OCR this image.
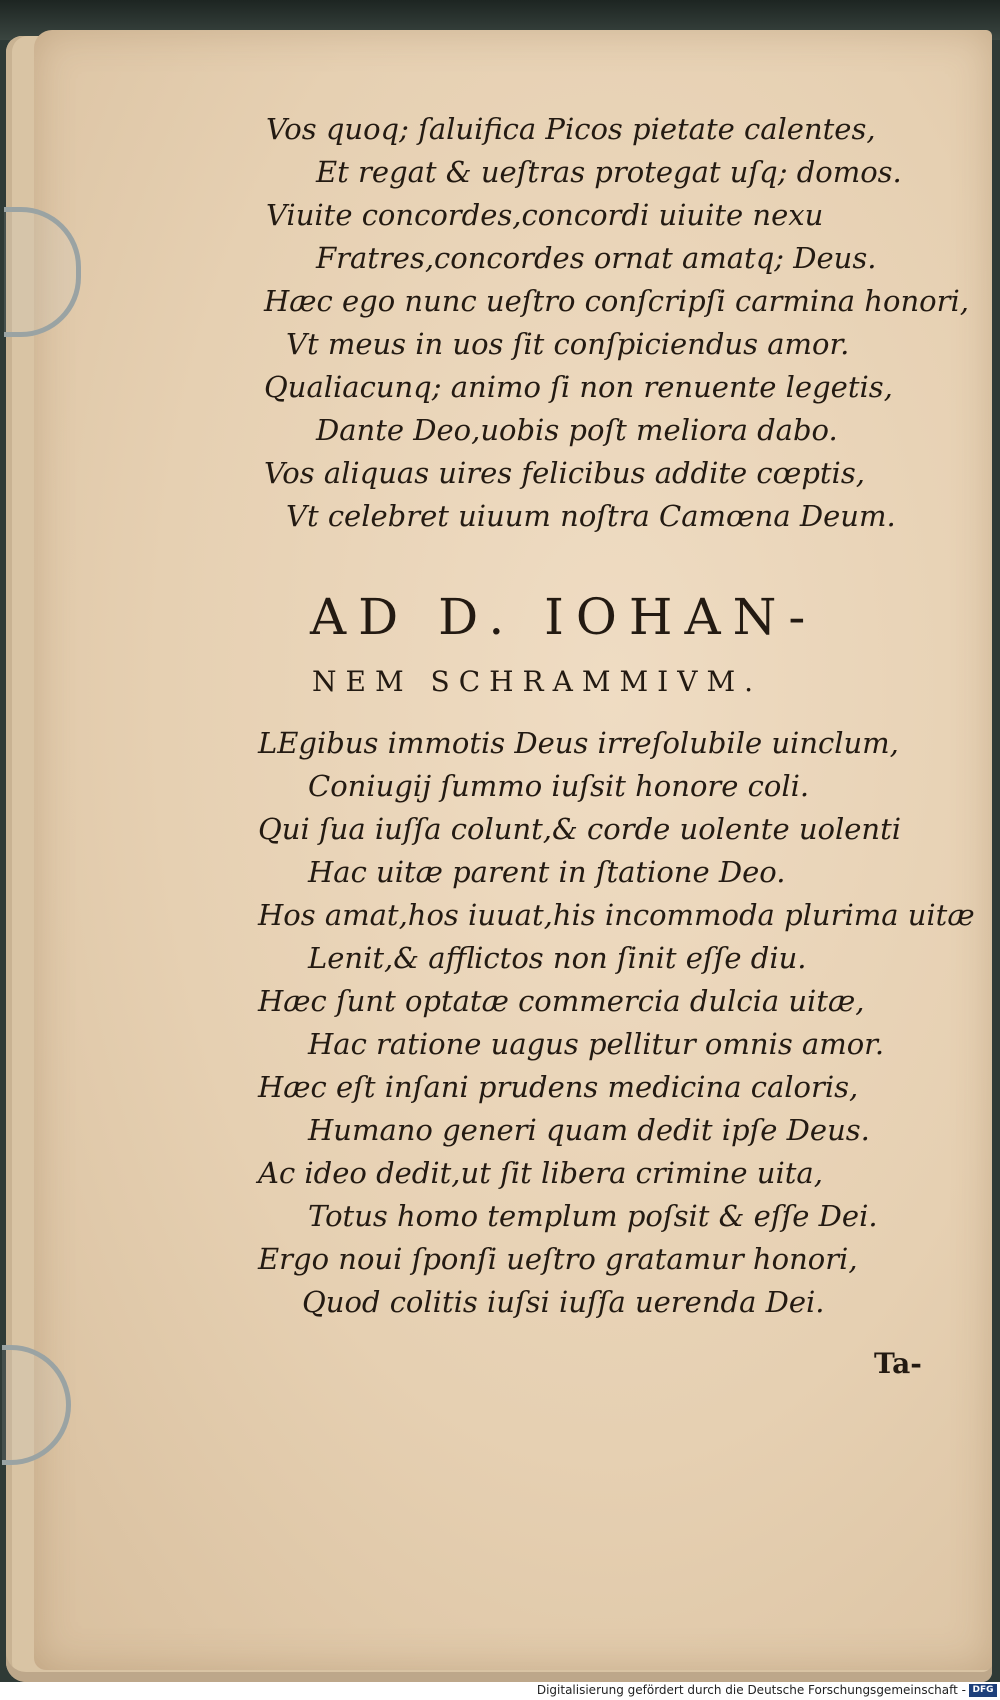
Vos quoq; ſaluifica Picos pietate calentes,
Et regat & ueſtras protegat uſq; domos.
Viuite concordes,concordi uiuite nexu
Fratres,concordes ornat amatq; Deus.
Hæc ego nunc ueſtro conſcripſi carmina honori,
Vt meus in uos ſit conſpiciendus amor.
Qualiacunq; animo ſi non renuente legetis,
Dante Deo,uobis poſt meliora dabo.
Vos aliquas uires felicibus addite cœptis,
Vt celebret uiuum noſtra Camœna Deum.
AD D. IOHAN-
NEM SCHRAMMIVM.
LEgibus immotis Deus irreſolubile uinclum,
Coniugij ſummo iuſsit honore coli.
Qui ſua iuſſa colunt,& corde uolente uolenti
Hac uitæ parent in ſtatione Deo.
Hos amat,hos iuuat,his incommoda plurima uitæ
Lenit,& afflictos non ſinit eſſe diu.
Hæc ſunt optatæ commercia dulcia uitæ,
Hac ratione uagus pellitur omnis amor.
Hæc eſt inſani prudens medicina caloris,
Humano generi quam dedit ipſe Deus.
Ac ideo dedit,ut ſit libera crimine uita,
Totus homo templum poſsit & eſſe Dei.
Ergo noui ſponſi ueſtro gratamur honori,
Quod colitis iuſsi iuſſa uerenda Dei.
Ta-
Digitalisierung gefördert durch die Deutsche Forschungsgemeinschaft - DFG
